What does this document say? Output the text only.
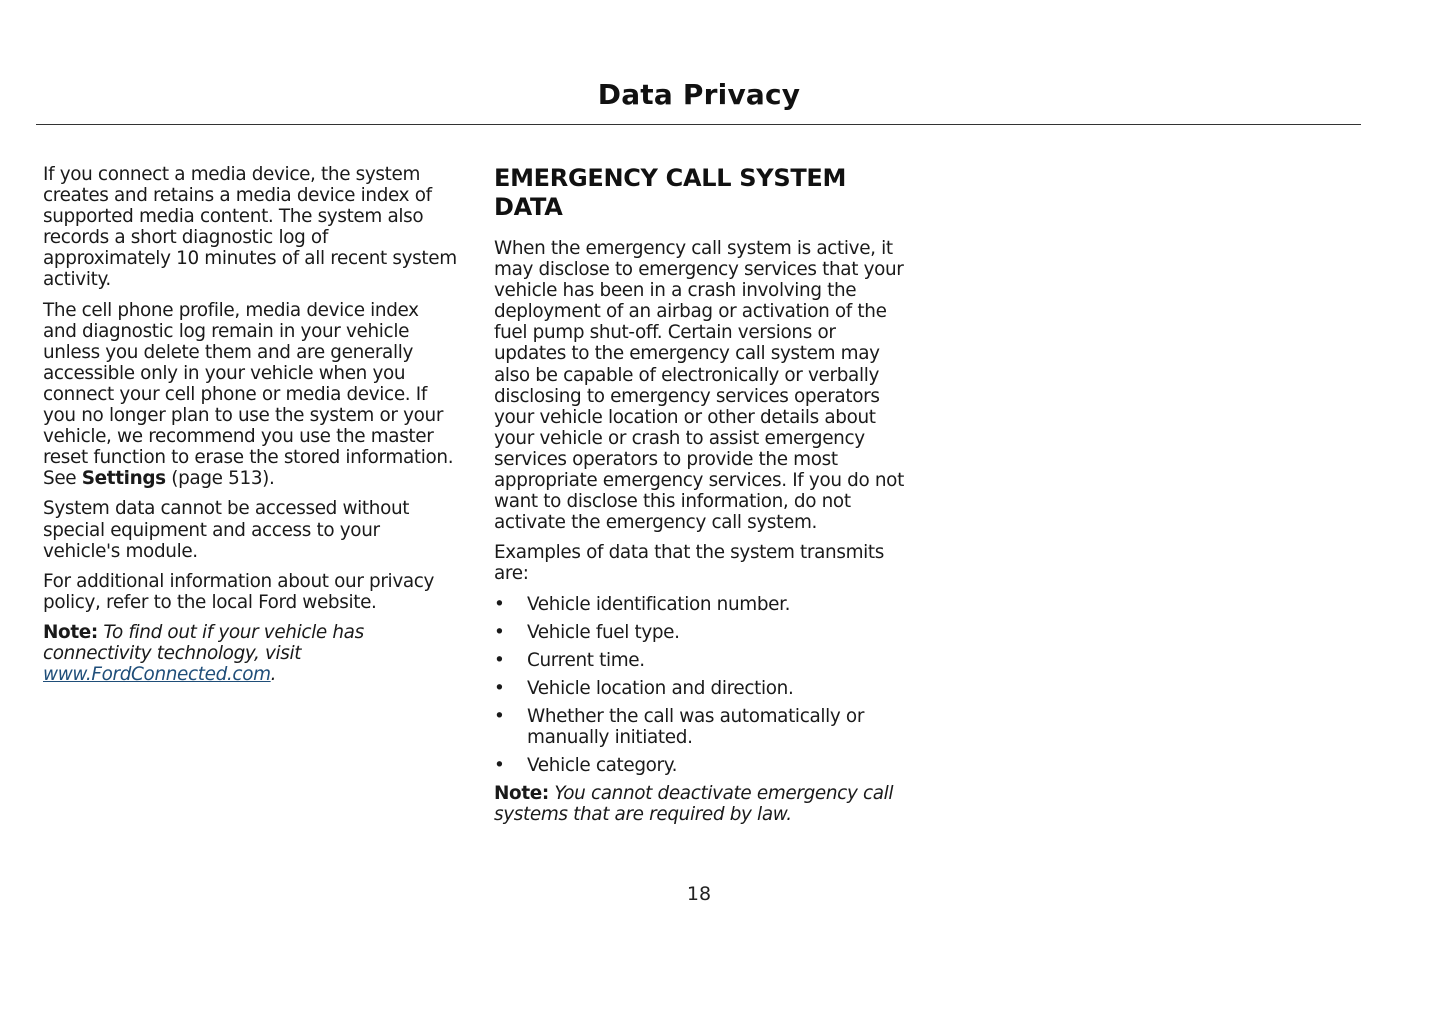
Data Privacy

If you connect a media device, the system creates and retains a media device index of supported media content. The system also records a short diagnostic log of approximately 10 minutes of all recent system activity.

The cell phone profile, media device index and diagnostic log remain in your vehicle unless you delete them and are generally accessible only in your vehicle when you connect your cell phone or media device. If you no longer plan to use the system or your vehicle, we recommend you use the master reset function to erase the stored information. See Settings (page 513).

System data cannot be accessed without special equipment and access to your vehicle's module.

For additional information about our privacy policy, refer to the local Ford website.

Note: To find out if your vehicle has connectivity technology, visit www.FordConnected.com.

EMERGENCY CALL SYSTEM DATA

When the emergency call system is active, it may disclose to emergency services that your vehicle has been in a crash involving the deployment of an airbag or activation of the fuel pump shut-off. Certain versions or updates to the emergency call system may also be capable of electronically or verbally disclosing to emergency services operators your vehicle location or other details about your vehicle or crash to assist emergency services operators to provide the most appropriate emergency services. If you do not want to disclose this information, do not activate the emergency call system.

Examples of data that the system transmits are:

• Vehicle identification number.
• Vehicle fuel type.
• Current time.
• Vehicle location and direction.
• Whether the call was automatically or manually initiated.
• Vehicle category.

Note: You cannot deactivate emergency call systems that are required by law.

18
